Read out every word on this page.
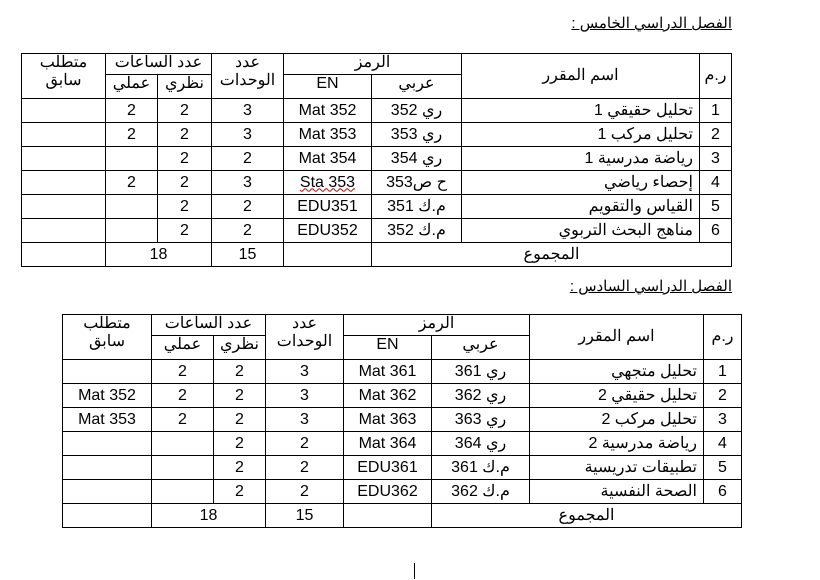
الفصل الدراسي الخامس :
ر.م	اسم المقرر	الرمز		عدد الوحدات	عدد الساعات		متطلب سابق
		عربي	EN		نظري	عملي	
1	تحليل حقيقي 1	ري 352	Mat 352	3	2	2	
2	تحليل مركب 1	ري 353	Mat 353	3	2	2	
3	رياضة مدرسية 1	ري 354	Mat 354	2	2		
4	إحصاء رياضي	ح ص353	Sta 353	3	2	2	
5	القياس والتقويم	م.ك 351	EDU351	2	2		
6	مناهج البحث التربوي	م.ك 352	EDU352	2	2		
المجموع				15	18		
الفصل الدراسي السادس :
ر.م	اسم المقرر	الرمز		عدد الوحدات	عدد الساعات		متطلب سابق
		عربي	EN		نظري	عملي	
1	تحليل متجهي	ري 361	Mat 361	3	2	2	
2	تحليل حقيقي 2	ري 362	Mat 362	3	2	2	Mat 352
3	تحليل مركب 2	ري 363	Mat 363	3	2	2	Mat 353
4	رياضة مدرسية 2	ري 364	Mat 364	2	2		
5	تطبيقات تدريسية	م.ك 361	EDU361	2	2		
6	الصحة النفسية	م.ك 362	EDU362	2	2		
المجموع				15	18		
